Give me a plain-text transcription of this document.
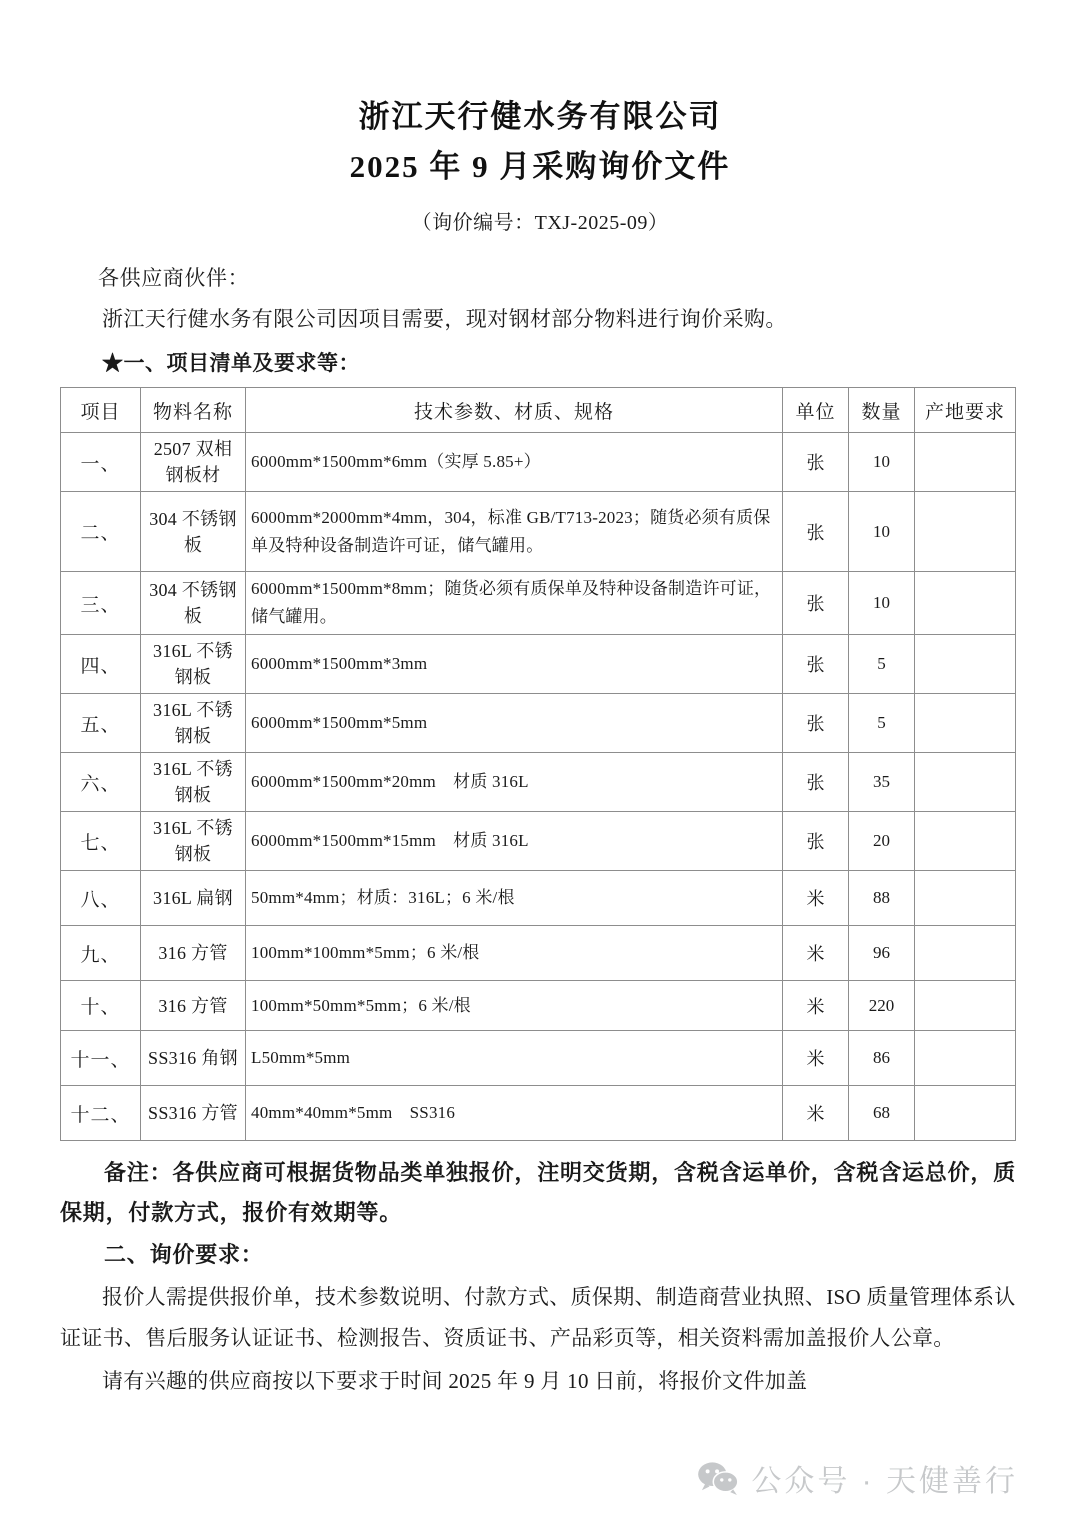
浙江天行健水务有限公司
2025 年 9 月采购询价文件
（询价编号：TXJ-2025-09）
各供应商伙伴：

浙江天行健水务有限公司因项目需要，现对钢材部分物料进行询价采购。

★一、项目清单及要求等：

项目	物料名称	技术参数、材质、规格	单位	数量	产地要求
一、	2507 双相钢板材	6000mm*1500mm*6mm（实厚 5.85+）	张	10	
二、	304 不锈钢板	6000mm*2000mm*4mm，304，标准 GB/T713-2023；随货必须有质保单及特种设备制造许可证，储气罐用。	张	10	
三、	304 不锈钢板	6000mm*1500mm*8mm；随货必须有质保单及特种设备制造许可证，储气罐用。	张	10	
四、	316L 不锈钢板	6000mm*1500mm*3mm	张	5	
五、	316L 不锈钢板	6000mm*1500mm*5mm	张	5	
六、	316L 不锈钢板	6000mm*1500mm*20mm　材质 316L	张	35	
七、	316L 不锈钢板	6000mm*1500mm*15mm　材质 316L	张	20	
八、	316L 扁钢	50mm*4mm；材质：316L；6 米/根	米	88	
九、	316 方管	100mm*100mm*5mm；6 米/根	米	96	
十、	316 方管	100mm*50mm*5mm；6 米/根	米	220	
十一、	SS316 角钢	L50mm*5mm	米	86	
十二、	SS316 方管	40mm*40mm*5mm　SS316	米	68	

备注：各供应商可根据货物品类单独报价，注明交货期，含税含运单价，含税含运总价，质保期，付款方式，报价有效期等。

二、询价要求：

报价人需提供报价单，技术参数说明、付款方式、质保期、制造商营业执照、ISO 质量管理体系认证证书、售后服务认证证书、检测报告、资质证书、产品彩页等，相关资料需加盖报价人公章。

请有兴趣的供应商按以下要求于时间 2025 年 9 月 10 日前，将报价文件加盖

公众号 · 天健善行
